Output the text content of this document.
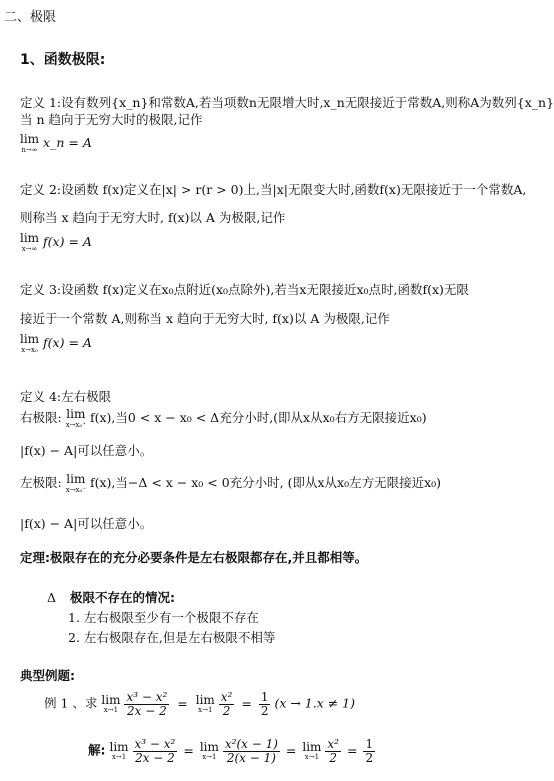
二、极限
1、函数极限:
定义 1:设有数列{x_n}和常数A,若当项数n无限增大时,x_n无限接近于常数A,则称A为数列{x_n}
当 n 趋向于无穷大时的极限,记作
lim
n→∞ x_n = A
定义 2:设函数 f(x)定义在|x| > r(r > 0)上,当|x|无限变大时,函数f(x)无限接近于一个常数A,
则称当 x 趋向于无穷大时, f(x)以 A 为极限,记作
lim
x→∞ f(x) = A
定义 3:设函数 f(x)定义在x₀点附近(x₀点除外),若当x无限接近x₀点时,函数f(x)无限
接近于一个常数 A,则称当 x 趋向于无穷大时, f(x)以 A 为极限,记作
lim
x→x₀ f(x) = A
定义 4:左右极限
右极限: lim
x→x₀⁺ f(x),当0 < x − x₀ < Δ充分小时,(即从x从x₀右方无限接近x₀)
|f(x) − A|可以任意小。
左极限: lim
x→x₀⁻ f(x),当−Δ < x − x₀ < 0充分小时, (即从x从x₀左方无限接近x₀)
|f(x) − A|可以任意小。
定理:极限存在的充分必要条件是左右极限都存在,并且都相等。
Δ 极限不存在的情况:
1. 左右极限至少有一个极限不存在
2. 左右极限存在,但是左右极限不相等
典型例题:
例 1 、求 lim
x→1
$\frac{\text{x³ − x²}}{2x - 2} = \lim$
x→1
$\frac{\text{x²}}{2} = \frac{1}{2} (x \to 1.x \ne 1)$
解: lim
x→1
$\frac{\text{x³ − x²}}{2x - 2} = \lim$
x→1
$\frac{\text{x²(x − 1)}}{2(x - 1)} = \lim$
x→1
$\frac{\text{x²}}{2} = \frac{1}{2}$
